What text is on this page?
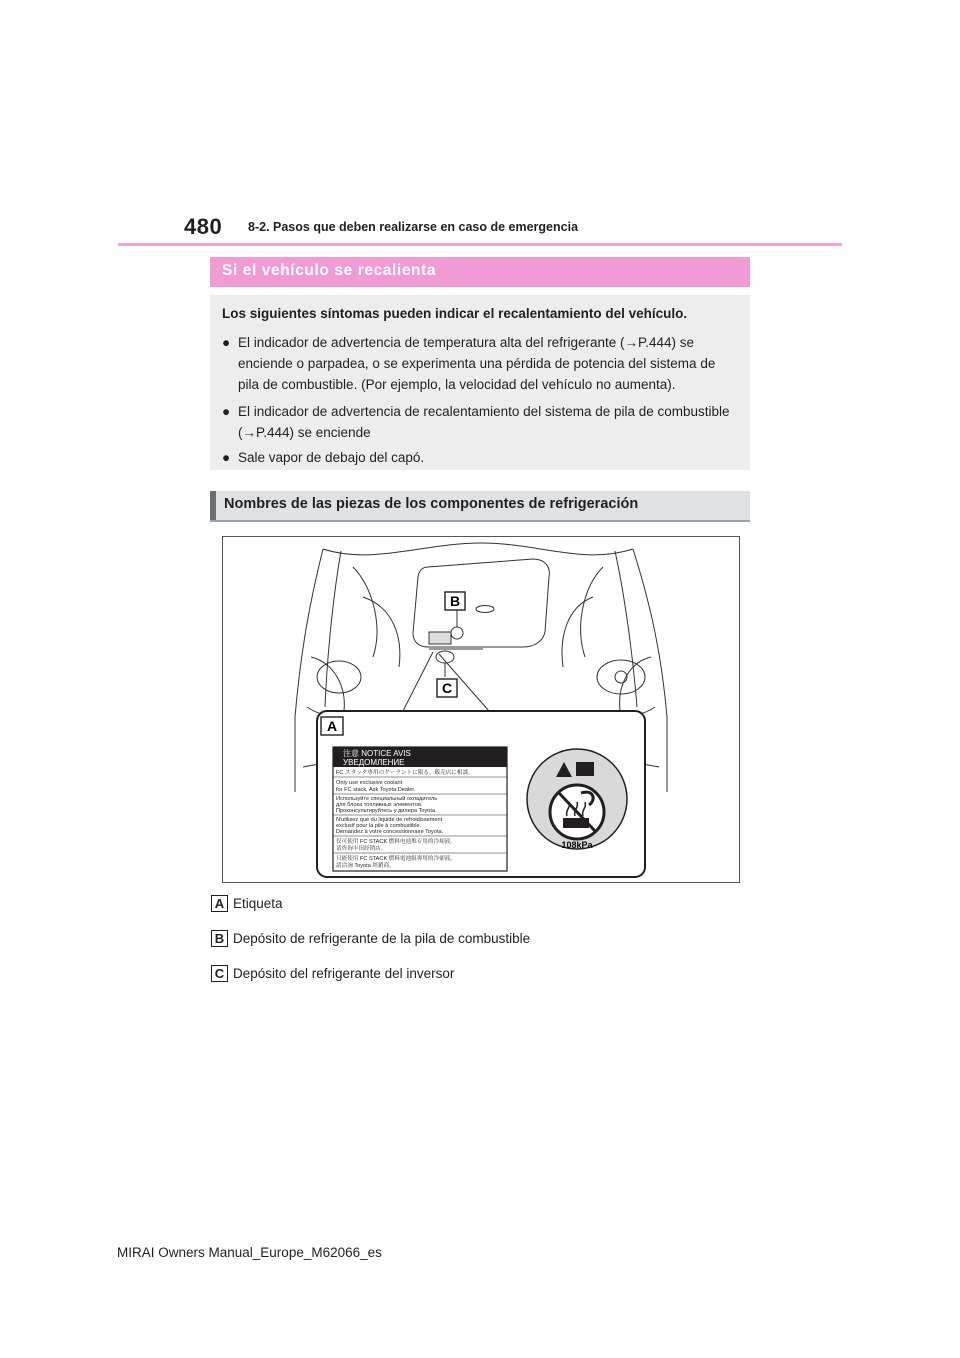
480 8-2. Pasos que deben realizarse en caso de emergencia
Si el vehículo se recalienta
Los siguientes síntomas pueden indicar el recalentamiento del vehículo.
● El indicador de advertencia de temperatura alta del refrigerante (→P.444) se enciende o parpadea, o se experimenta una pérdida de potencia del sistema de pila de combustible. (Por ejemplo, la velocidad del vehículo no aumenta).
● El indicador de advertencia de recalentamiento del sistema de pila de combustible (→P.444) se enciende
● Sale vapor de debajo del capó.
Nombres de las piezas de los componentes de refrigeración
B
C
A
注意 NOTICE AVIS
УВЕДОМЛЕНИЕ
FC スタック専用のクーラントに限る。販売店に相談。
Only use exclusive coolant
for FC stack. Ask Toyota Dealer.
Используйте специальный охладитель
для блока топливных элементов.
Проконсультируйтесь у дилера Toyota.
N'utilisez que du liquide de refroidissement
exclusif pour la pile à combustible.
Demandez à votre concessionnaire Toyota.
仅可使用 FC STACK 燃料电池堆专用的冷却液。
请咨询丰田经销店。
只能使用 FC STACK 燃料電池組專用的冷卻液。
請洽詢 Toyota 經銷商。
108kPa
A Etiqueta
B Depósito de refrigerante de la pila de combustible
C Depósito del refrigerante del inversor
MIRAI Owners Manual_Europe_M62066_es
